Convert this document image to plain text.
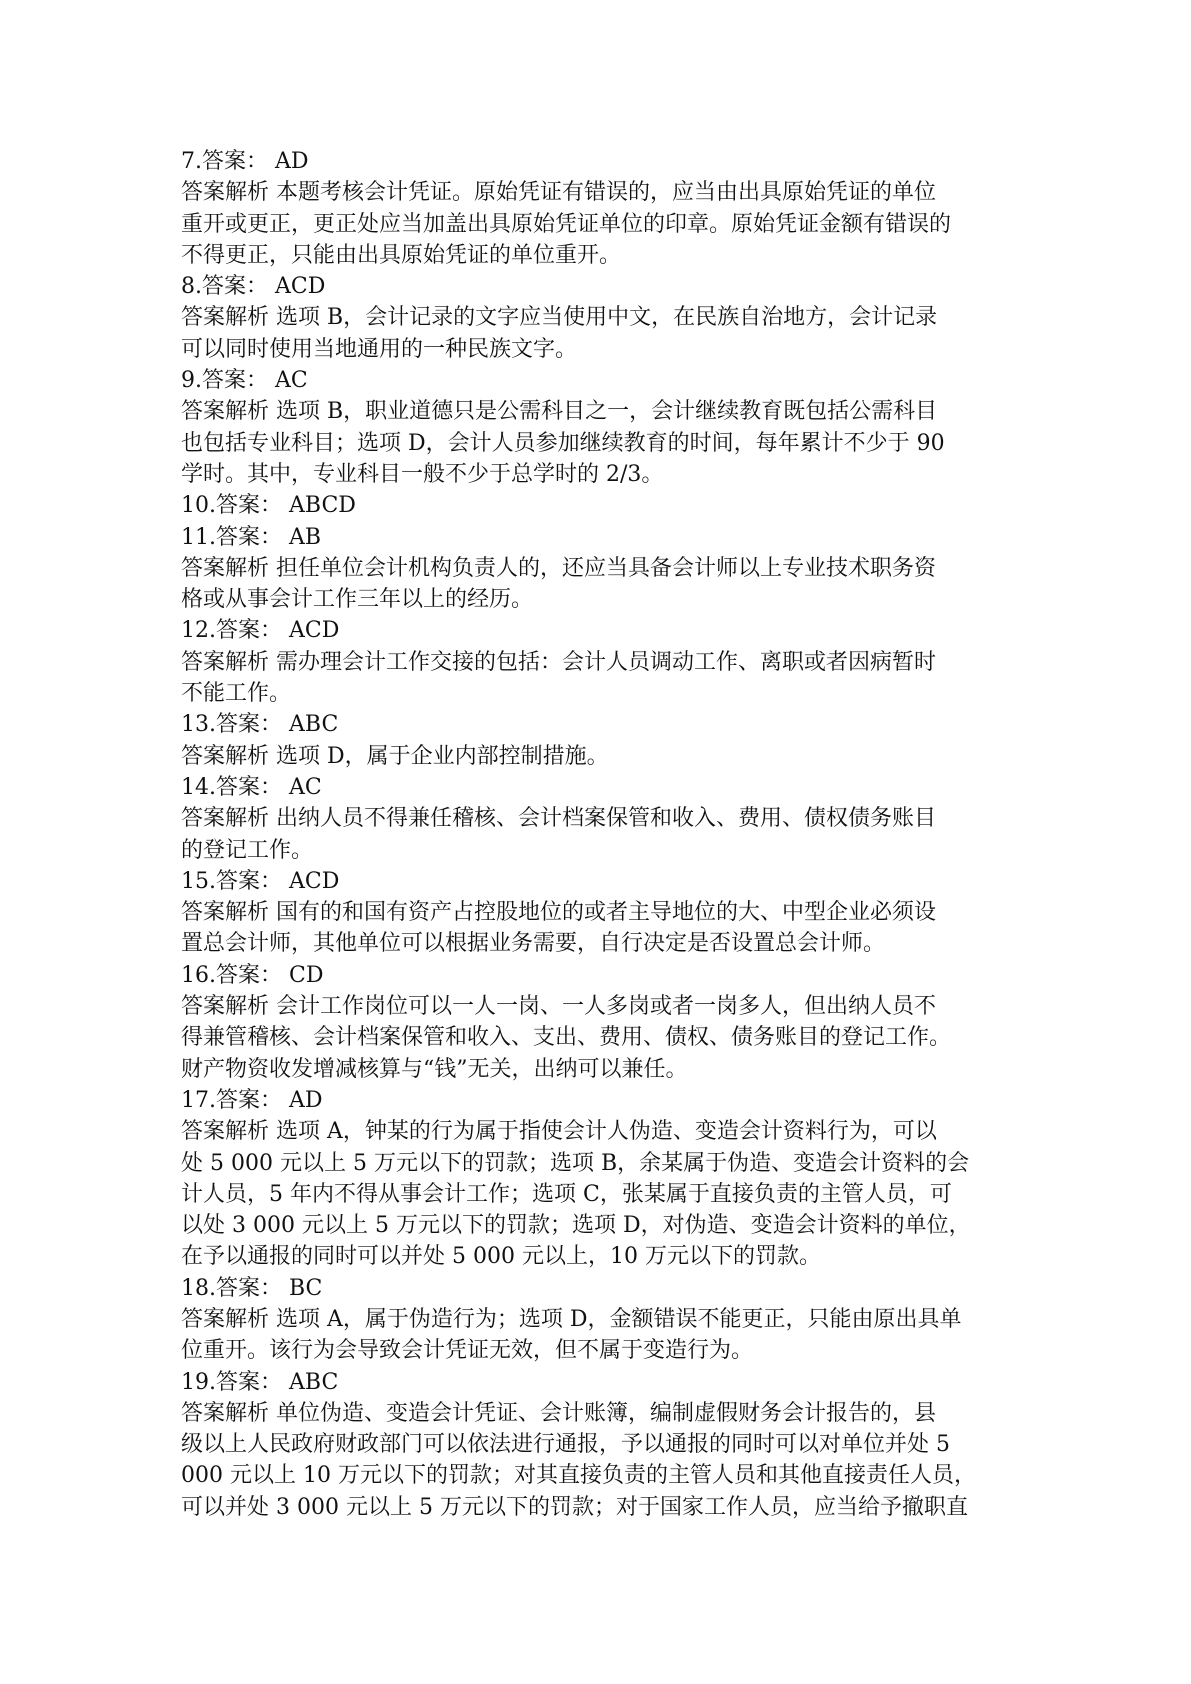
7.答案： AD
答案解析 本题考核会计凭证。原始凭证有错误的，应当由出具原始凭证的单位
重开或更正，更正处应当加盖出具原始凭证单位的印章。原始凭证金额有错误的
不得更正，只能由出具原始凭证的单位重开。
8.答案： ACD
答案解析 选项 B，会计记录的文字应当使用中文，在民族自治地方，会计记录
可以同时使用当地通用的一种民族文字。
9.答案： AC
答案解析 选项 B，职业道德只是公需科目之一，会计继续教育既包括公需科目
也包括专业科目；选项 D，会计人员参加继续教育的时间，每年累计不少于 90
学时。其中，专业科目一般不少于总学时的 2/3。
10.答案： ABCD
11.答案： AB
答案解析 担任单位会计机构负责人的，还应当具备会计师以上专业技术职务资
格或从事会计工作三年以上的经历。
12.答案： ACD
答案解析 需办理会计工作交接的包括：会计人员调动工作、离职或者因病暂时
不能工作。
13.答案： ABC
答案解析 选项 D，属于企业内部控制措施。
14.答案： AC
答案解析 出纳人员不得兼任稽核、会计档案保管和收入、费用、债权债务账目
的登记工作。
15.答案： ACD
答案解析 国有的和国有资产占控股地位的或者主导地位的大、中型企业必须设
置总会计师，其他单位可以根据业务需要，自行决定是否设置总会计师。
16.答案： CD
答案解析 会计工作岗位可以一人一岗、一人多岗或者一岗多人，但出纳人员不
得兼管稽核、会计档案保管和收入、支出、费用、债权、债务账目的登记工作。
财产物资收发增减核算与“钱”无关，出纳可以兼任。
17.答案： AD
答案解析 选项 A，钟某的行为属于指使会计人伪造、变造会计资料行为，可以
处 5 000 元以上 5 万元以下的罚款；选项 B，余某属于伪造、变造会计资料的会
计人员，5 年内不得从事会计工作；选项 C，张某属于直接负责的主管人员，可
以处 3 000 元以上 5 万元以下的罚款；选项 D，对伪造、变造会计资料的单位，
在予以通报的同时可以并处 5 000 元以上，10 万元以下的罚款。
18.答案： BC
答案解析 选项 A，属于伪造行为；选项 D，金额错误不能更正，只能由原出具单
位重开。该行为会导致会计凭证无效，但不属于变造行为。
19.答案： ABC
答案解析 单位伪造、变造会计凭证、会计账簿，编制虚假财务会计报告的，县
级以上人民政府财政部门可以依法进行通报，予以通报的同时可以对单位并处 5
000 元以上 10 万元以下的罚款；对其直接负责的主管人员和其他直接责任人员，
可以并处 3 000 元以上 5 万元以下的罚款；对于国家工作人员，应当给予撤职直
